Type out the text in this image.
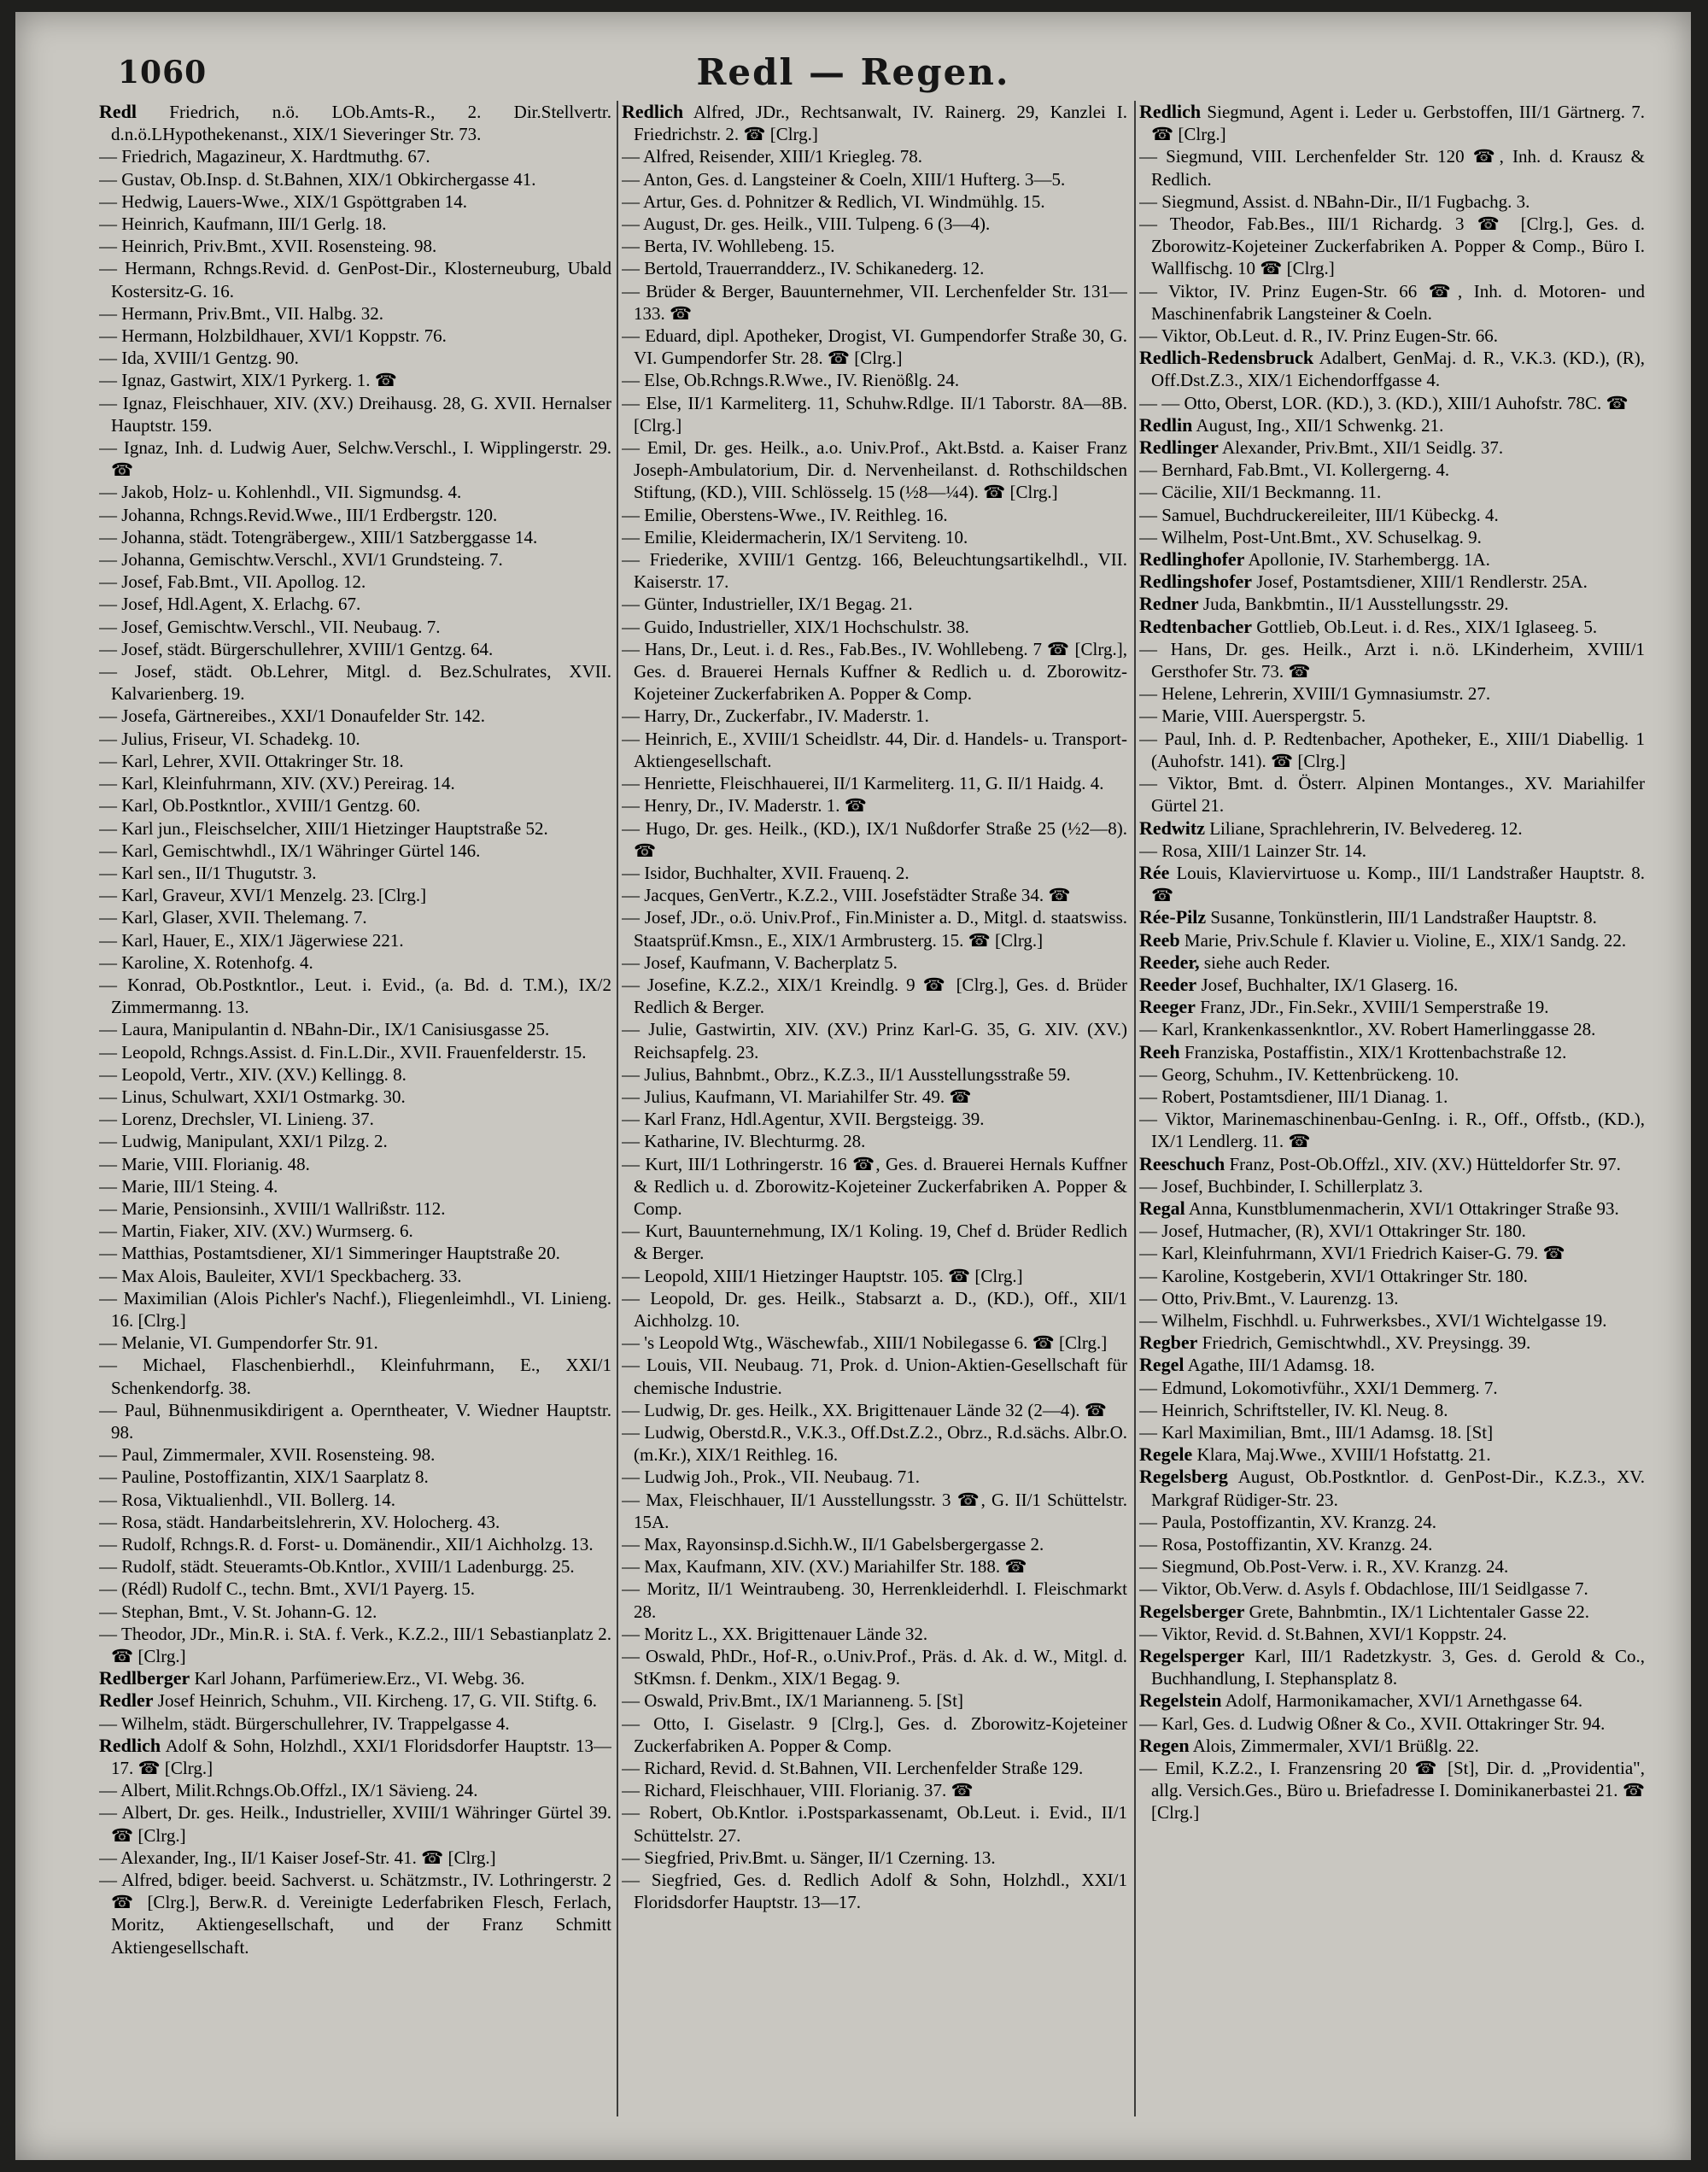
1060	Redl — Regen.
Redl Friedrich, n.ö. LOb.Amts-R., 2. Dir.Stellvertr. d.n.ö.LHypothekenanst., XIX/1 Sieveringer Str. 73.
— Friedrich, Magazineur, X. Hardtmuthg. 67.
— Gustav, Ob.Insp. d. St.Bahnen, XIX/1 Obkirchergasse 41.
— Hedwig, Lauers-Wwe., XIX/1 Gspöttgraben 14.
— Heinrich, Kaufmann, III/1 Gerlg. 18.
— Heinrich, Priv.Bmt., XVII. Rosensteing. 98.
— Hermann, Rchngs.Revid. d. GenPost-Dir., Klosterneuburg, Ubald Kostersitz-G. 16.
— Hermann, Priv.Bmt., VII. Halbg. 32.
— Hermann, Holzbildhauer, XVI/1 Koppstr. 76.
— Ida, XVIII/1 Gentzg. 90.
— Ignaz, Gastwirt, XIX/1 Pyrkerg. 1. ☎
— Ignaz, Fleischhauer, XIV. (XV.) Dreihausg. 28, G. XVII. Hernalser Hauptstr. 159.
— Ignaz, Inh. d. Ludwig Auer, Selchw.Verschl., I. Wipplingerstr. 29. ☎
— Jakob, Holz- u. Kohlenhdl., VII. Sigmundsg. 4.
— Johanna, Rchngs.Revid.Wwe., III/1 Erdbergstr. 120.
— Johanna, städt. Totengräbergew., XIII/1 Satzberggasse 14.
— Johanna, Gemischtw.Verschl., XVI/1 Grundsteing. 7.
— Josef, Fab.Bmt., VII. Apollog. 12.
— Josef, Hdl.Agent, X. Erlachg. 67.
— Josef, Gemischtw.Verschl., VII. Neubaug. 7.
— Josef, städt. Bürgerschullehrer, XVIII/1 Gentzg. 64.
— Josef, städt. Ob.Lehrer, Mitgl. d. Bez.Schulrates, XVII. Kalvarienberg. 19.
— Josefa, Gärtnereibes., XXI/1 Donaufelder Str. 142.
— Julius, Friseur, VI. Schadekg. 10.
— Karl, Lehrer, XVII. Ottakringer Str. 18.
— Karl, Kleinfuhrmann, XIV. (XV.) Pereirag. 14.
— Karl, Ob.Postkntlor., XVIII/1 Gentzg. 60.
— Karl jun., Fleischselcher, XIII/1 Hietzinger Hauptstraße 52.
— Karl, Gemischtwhdl., IX/1 Währinger Gürtel 146.
— Karl sen., II/1 Thugutstr. 3.
— Karl, Graveur, XVI/1 Menzelg. 23. [Clrg.]
— Karl, Glaser, XVII. Thelemang. 7.
— Karl, Hauer, E., XIX/1 Jägerwiese 221.
— Karoline, X. Rotenhofg. 4.
— Konrad, Ob.Postkntlor., Leut. i. Evid., (a. Bd. d. T.M.), IX/2 Zimmermanng. 13.
— Laura, Manipulantin d. NBahn-Dir., IX/1 Canisiusgasse 25.
— Leopold, Rchngs.Assist. d. Fin.L.Dir., XVII. Frauenfelderstr. 15.
— Leopold, Vertr., XIV. (XV.) Kellingg. 8.
— Linus, Schulwart, XXI/1 Ostmarkg. 30.
— Lorenz, Drechsler, VI. Linieng. 37.
— Ludwig, Manipulant, XXI/1 Pilzg. 2.
— Marie, VIII. Florianig. 48.
— Marie, III/1 Steing. 4.
— Marie, Pensionsinh., XVIII/1 Wallrißstr. 112.
— Martin, Fiaker, XIV. (XV.) Wurmserg. 6.
— Matthias, Postamtsdiener, XI/1 Simmeringer Hauptstraße 20.
— Max Alois, Bauleiter, XVI/1 Speckbacherg. 33.
— Maximilian (Alois Pichler's Nachf.), Fliegenleimhdl., VI. Linieng. 16. [Clrg.]
— Melanie, VI. Gumpendorfer Str. 91.
— Michael, Flaschenbierhdl., Kleinfuhrmann, E., XXI/1 Schenkendorfg. 38.
— Paul, Bühnenmusikdirigent a. Operntheater, V. Wiedner Hauptstr. 98.
— Paul, Zimmermaler, XVII. Rosensteing. 98.
— Pauline, Postoffizantin, XIX/1 Saarplatz 8.
— Rosa, Viktualienhdl., VII. Bollerg. 14.
— Rosa, städt. Handarbeitslehrerin, XV. Holocherg. 43.
— Rudolf, Rchngs.R. d. Forst- u. Domänendir., XII/1 Aichholzg. 13.
— Rudolf, städt. Steueramts-Ob.Kntlor., XVIII/1 Ladenburgg. 25.
— (Rédl) Rudolf C., techn. Bmt., XVI/1 Payerg. 15.
— Stephan, Bmt., V. St. Johann-G. 12.
— Theodor, JDr., Min.R. i. StA. f. Verk., K.Z.2., III/1 Sebastianplatz 2. ☎ [Clrg.]
Redlberger Karl Johann, Parfümeriew.Erz., VI. Webg. 36.
Redler Josef Heinrich, Schuhm., VII. Kircheng. 17, G. VII. Stiftg. 6.
— Wilhelm, städt. Bürgerschullehrer, IV. Trappelgasse 4.
Redlich Adolf & Sohn, Holzhdl., XXI/1 Floridsdorfer Hauptstr. 13—17. ☎ [Clrg.]
— Albert, Milit.Rchngs.Ob.Offzl., IX/1 Sävieng. 24.
— Albert, Dr. ges. Heilk., Industrieller, XVIII/1 Währinger Gürtel 39. ☎ [Clrg.]
— Alexander, Ing., II/1 Kaiser Josef-Str. 41. ☎ [Clrg.]
— Alfred, bdiger. beeid. Sachverst. u. Schätzmstr., IV. Lothringerstr. 2 ☎ [Clrg.], Berw.R. d. Vereinigte Lederfabriken Flesch, Ferlach, Moritz, Aktiengesellschaft, und der Franz Schmitt Aktiengesellschaft.
Redlich Alfred, JDr., Rechtsanwalt, IV. Rainerg. 29, Kanzlei I. Friedrichstr. 2. ☎ [Clrg.]
— Alfred, Reisender, XIII/1 Kriegleg. 78.
— Anton, Ges. d. Langsteiner & Coeln, XIII/1 Hufterg. 3—5.
— Artur, Ges. d. Pohnitzer & Redlich, VI. Windmühlg. 15.
— August, Dr. ges. Heilk., VIII. Tulpeng. 6 (3—4).
— Berta, IV. Wohllebeng. 15.
— Bertold, Trauerrandderz., IV. Schikanederg. 12.
— Brüder & Berger, Bauunternehmer, VII. Lerchenfelder Str. 131—133. ☎
— Eduard, dipl. Apotheker, Drogist, VI. Gumpendorfer Straße 30, G. VI. Gumpendorfer Str. 28. ☎ [Clrg.]
— Else, Ob.Rchngs.R.Wwe., IV. Rienößlg. 24.
— Else, II/1 Karmeliterg. 11, Schuhw.Rdlge. II/1 Taborstr. 8A—8B. [Clrg.]
— Emil, Dr. ges. Heilk., a.o. Univ.Prof., Akt.Bstd. a. Kaiser Franz Joseph-Ambulatorium, Dir. d. Nervenheilanst. d. Rothschildschen Stiftung, (KD.), VIII. Schlösselg. 15 (½8—¼4). ☎ [Clrg.]
— Emilie, Oberstens-Wwe., IV. Reithleg. 16.
— Emilie, Kleidermacherin, IX/1 Serviteng. 10.
— Friederike, XVIII/1 Gentzg. 166, Beleuchtungsartikelhdl., VII. Kaiserstr. 17.
— Günter, Industrieller, IX/1 Begag. 21.
— Guido, Industrieller, XIX/1 Hochschulstr. 38.
— Hans, Dr., Leut. i. d. Res., Fab.Bes., IV. Wohllebeng. 7 ☎ [Clrg.], Ges. d. Brauerei Hernals Kuffner & Redlich u. d. Zborowitz-Kojeteiner Zuckerfabriken A. Popper & Comp.
— Harry, Dr., Zuckerfabr., IV. Maderstr. 1.
— Heinrich, E., XVIII/1 Scheidlstr. 44, Dir. d. Handels- u. Transport-Aktiengesellschaft.
— Henriette, Fleischhauerei, II/1 Karmeliterg. 11, G. II/1 Haidg. 4.
— Henry, Dr., IV. Maderstr. 1. ☎
— Hugo, Dr. ges. Heilk., (KD.), IX/1 Nußdorfer Straße 25 (½2—8). ☎
— Isidor, Buchhalter, XVII. Frauenq. 2.
— Jacques, GenVertr., K.Z.2., VIII. Josefstädter Straße 34. ☎
— Josef, JDr., o.ö. Univ.Prof., Fin.Minister a. D., Mitgl. d. staatswiss. Staatsprüf.Kmsn., E., XIX/1 Armbrusterg. 15. ☎ [Clrg.]
— Josef, Kaufmann, V. Bacherplatz 5.
— Josefine, K.Z.2., XIX/1 Kreindlg. 9 ☎ [Clrg.], Ges. d. Brüder Redlich & Berger.
— Julie, Gastwirtin, XIV. (XV.) Prinz Karl-G. 35, G. XIV. (XV.) Reichsapfelg. 23.
— Julius, Bahnbmt., Obrz., K.Z.3., II/1 Ausstellungsstraße 59.
— Julius, Kaufmann, VI. Mariahilfer Str. 49. ☎
— Karl Franz, Hdl.Agentur, XVII. Bergsteigg. 39.
— Katharine, IV. Blechturmg. 28.
— Kurt, III/1 Lothringerstr. 16 ☎, Ges. d. Brauerei Hernals Kuffner & Redlich u. d. Zborowitz-Kojeteiner Zuckerfabriken A. Popper & Comp.
— Kurt, Bauunternehmung, IX/1 Koling. 19, Chef d. Brüder Redlich & Berger.
— Leopold, XIII/1 Hietzinger Hauptstr. 105. ☎ [Clrg.]
— Leopold, Dr. ges. Heilk., Stabsarzt a. D., (KD.), Off., XII/1 Aichholzg. 10.
— 's Leopold Wtg., Wäschewfab., XIII/1 Nobilegasse 6. ☎ [Clrg.]
— Louis, VII. Neubaug. 71, Prok. d. Union-Aktien-Gesellschaft für chemische Industrie.
— Ludwig, Dr. ges. Heilk., XX. Brigittenauer Lände 32 (2—4). ☎
— Ludwig, Oberstd.R., V.K.3., Off.Dst.Z.2., Obrz., R.d.sächs. Albr.O.(m.Kr.), XIX/1 Reithleg. 16.
— Ludwig Joh., Prok., VII. Neubaug. 71.
— Max, Fleischhauer, II/1 Ausstellungsstr. 3 ☎, G. II/1 Schüttelstr. 15A.
— Max, Rayonsinsp.d.Sichh.W., II/1 Gabelsbergergasse 2.
— Max, Kaufmann, XIV. (XV.) Mariahilfer Str. 188. ☎
— Moritz, II/1 Weintraubeng. 30, Herrenkleiderhdl. I. Fleischmarkt 28.
— Moritz L., XX. Brigittenauer Lände 32.
— Oswald, PhDr., Hof-R., o.Univ.Prof., Präs. d. Ak. d. W., Mitgl. d. StKmsn. f. Denkm., XIX/1 Begag. 9.
— Oswald, Priv.Bmt., IX/1 Marianneng. 5. [St]
— Otto, I. Giselastr. 9 [Clrg.], Ges. d. Zborowitz-Kojeteiner Zuckerfabriken A. Popper & Comp.
— Richard, Revid. d. St.Bahnen, VII. Lerchenfelder Straße 129.
— Richard, Fleischhauer, VIII. Florianig. 37. ☎
— Robert, Ob.Kntlor. i.Postsparkassenamt, Ob.Leut. i. Evid., II/1 Schüttelstr. 27.
— Siegfried, Priv.Bmt. u. Sänger, II/1 Czerning. 13.
— Siegfried, Ges. d. Redlich Adolf & Sohn, Holzhdl., XXI/1 Floridsdorfer Hauptstr. 13—17.
Redlich Siegmund, Agent i. Leder u. Gerbstoffen, III/1 Gärtnerg. 7. ☎ [Clrg.]
— Siegmund, VIII. Lerchenfelder Str. 120 ☎, Inh. d. Krausz & Redlich.
— Siegmund, Assist. d. NBahn-Dir., II/1 Fugbachg. 3.
— Theodor, Fab.Bes., III/1 Richardg. 3 ☎ [Clrg.], Ges. d. Zborowitz-Kojeteiner Zuckerfabriken A. Popper & Comp., Büro I. Wallfischg. 10 ☎ [Clrg.]
— Viktor, IV. Prinz Eugen-Str. 66 ☎, Inh. d. Motoren- und Maschinenfabrik Langsteiner & Coeln.
— Viktor, Ob.Leut. d. R., IV. Prinz Eugen-Str. 66.
Redlich-Redensbruck Adalbert, GenMaj. d. R., V.K.3. (KD.), (R), Off.Dst.Z.3., XIX/1 Eichendorffgasse 4.
— — Otto, Oberst, LOR. (KD.), 3. (KD.), XIII/1 Auhofstr. 78C. ☎
Redlin August, Ing., XII/1 Schwenkg. 21.
Redlinger Alexander, Priv.Bmt., XII/1 Seidlg. 37.
— Bernhard, Fab.Bmt., VI. Kollergerng. 4.
— Cäcilie, XII/1 Beckmanng. 11.
— Samuel, Buchdruckereileiter, III/1 Kübeckg. 4.
— Wilhelm, Post-Unt.Bmt., XV. Schuselkag. 9.
Redlinghofer Apollonie, IV. Starhembergg. 1A.
Redlingshofer Josef, Postamtsdiener, XIII/1 Rendlerstr. 25A.
Redner Juda, Bankbmtin., II/1 Ausstellungsstr. 29.
Redtenbacher Gottlieb, Ob.Leut. i. d. Res., XIX/1 Iglaseeg. 5.
— Hans, Dr. ges. Heilk., Arzt i. n.ö. LKinderheim, XVIII/1 Gersthofer Str. 73. ☎
— Helene, Lehrerin, XVIII/1 Gymnasiumstr. 27.
— Marie, VIII. Auerspergstr. 5.
— Paul, Inh. d. P. Redtenbacher, Apotheker, E., XIII/1 Diabellig. 1 (Auhofstr. 141). ☎ [Clrg.]
— Viktor, Bmt. d. Österr. Alpinen Montanges., XV. Mariahilfer Gürtel 21.
Redwitz Liliane, Sprachlehrerin, IV. Belvedereg. 12.
— Rosa, XIII/1 Lainzer Str. 14.
Rée Louis, Klaviervirtuose u. Komp., III/1 Landstraßer Hauptstr. 8. ☎
Rée-Pilz Susanne, Tonkünstlerin, III/1 Landstraßer Hauptstr. 8.
Reeb Marie, Priv.Schule f. Klavier u. Violine, E., XIX/1 Sandg. 22.
Reeder, siehe auch Reder.
Reeder Josef, Buchhalter, IX/1 Glaserg. 16.
Reeger Franz, JDr., Fin.Sekr., XVIII/1 Semperstraße 19.
— Karl, Krankenkassenkntlor., XV. Robert Hamerlinggasse 28.
Reeh Franziska, Postaffistin., XIX/1 Krottenbachstraße 12.
— Georg, Schuhm., IV. Kettenbrückeng. 10.
— Robert, Postamtsdiener, III/1 Dianag. 1.
— Viktor, Marinemaschinenbau-GenIng. i. R., Off., Offstb., (KD.), IX/1 Lendlerg. 11. ☎
Reeschuch Franz, Post-Ob.Offzl., XIV. (XV.) Hütteldorfer Str. 97.
— Josef, Buchbinder, I. Schillerplatz 3.
Regal Anna, Kunstblumenmacherin, XVI/1 Ottakringer Straße 93.
— Josef, Hutmacher, (R), XVI/1 Ottakringer Str. 180.
— Karl, Kleinfuhrmann, XVI/1 Friedrich Kaiser-G. 79. ☎
— Karoline, Kostgeberin, XVI/1 Ottakringer Str. 180.
— Otto, Priv.Bmt., V. Laurenzg. 13.
— Wilhelm, Fischhdl. u. Fuhrwerksbes., XVI/1 Wichtelgasse 19.
Regber Friedrich, Gemischtwhdl., XV. Preysingg. 39.
Regel Agathe, III/1 Adamsg. 18.
— Edmund, Lokomotivführ., XXI/1 Demmerg. 7.
— Heinrich, Schriftsteller, IV. Kl. Neug. 8.
— Karl Maximilian, Bmt., III/1 Adamsg. 18. [St]
Regele Klara, Maj.Wwe., XVIII/1 Hofstattg. 21.
Regelsberg August, Ob.Postkntlor. d. GenPost-Dir., K.Z.3., XV. Markgraf Rüdiger-Str. 23.
— Paula, Postoffizantin, XV. Kranzg. 24.
— Rosa, Postoffizantin, XV. Kranzg. 24.
— Siegmund, Ob.Post-Verw. i. R., XV. Kranzg. 24.
— Viktor, Ob.Verw. d. Asyls f. Obdachlose, III/1 Seidlgasse 7.
Regelsberger Grete, Bahnbmtin., IX/1 Lichtentaler Gasse 22.
— Viktor, Revid. d. St.Bahnen, XVI/1 Koppstr. 24.
Regelsperger Karl, III/1 Radetzkystr. 3, Ges. d. Gerold & Co., Buchhandlung, I. Stephansplatz 8.
Regelstein Adolf, Harmonikamacher, XVI/1 Arnethgasse 64.
— Karl, Ges. d. Ludwig Oßner & Co., XVII. Ottakringer Str. 94.
Regen Alois, Zimmermaler, XVI/1 Brüßlg. 22.
— Emil, K.Z.2., I. Franzensring 20 ☎ [St], Dir. d. „Providentia", allg. Versich.Ges., Büro u. Briefadresse I. Dominikanerbastei 21. ☎ [Clrg.]
